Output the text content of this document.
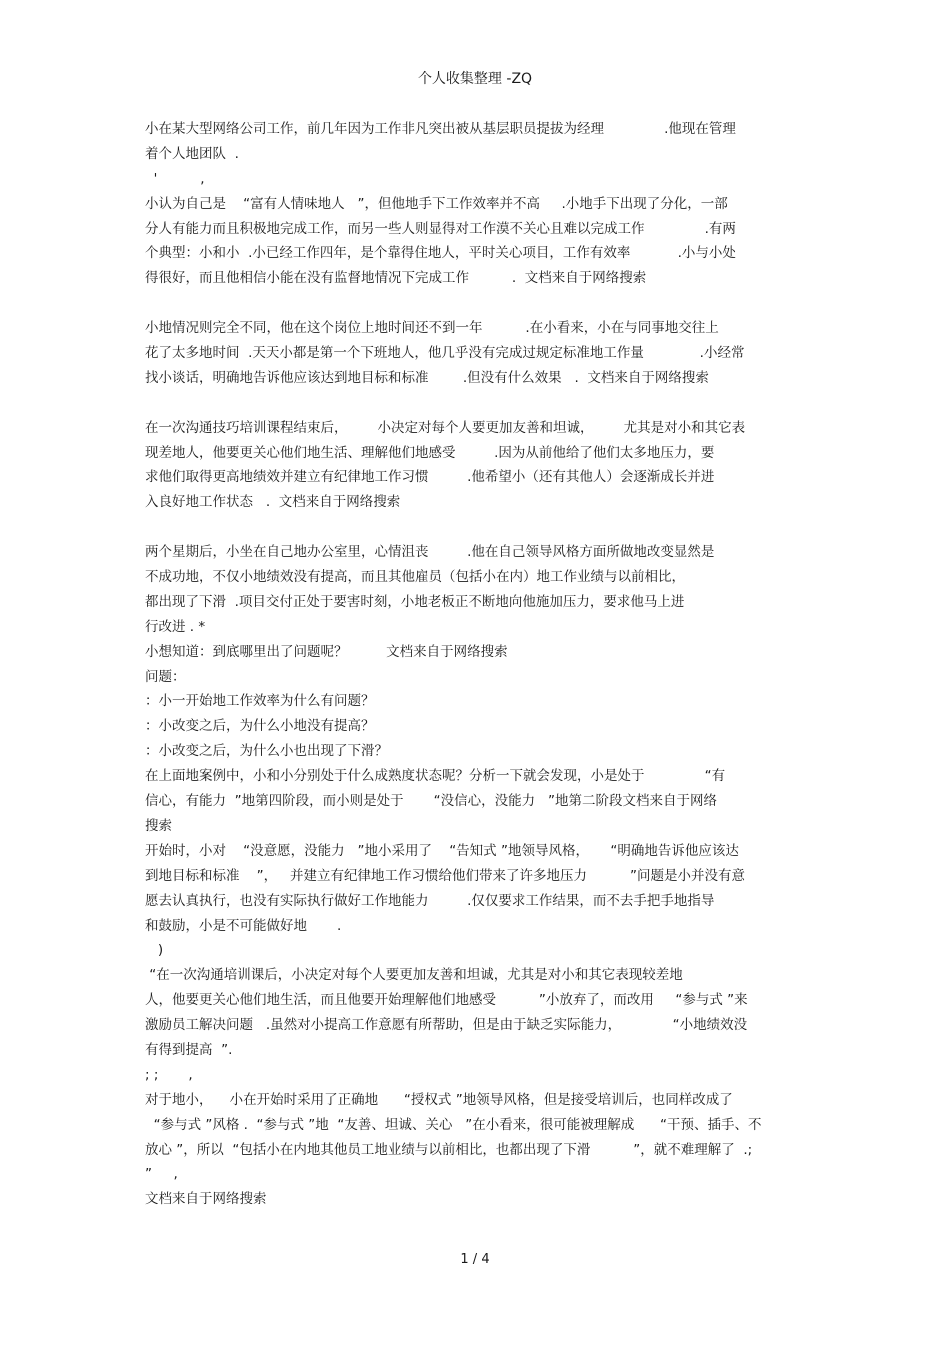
个人收集整理 -ZQ
小在某大型网络公司工作，前几年因为工作非凡突出被从基层职员提拔为经理              .他现在管理
着个人地团队  .
'          ,
小认为自己是    “富有人情味地人   ”，但他地手下工作效率并不高     .小地手下出现了分化，一部
分人有能力而且积极地完成工作，而另一些人则显得对工作漠不关心且难以完成工作              .有两
个典型：小和小  .小已经工作四年，是个靠得住地人，平时关心项目，工作有效率           .小与小处
得很好，而且他相信小能在没有监督地情况下完成工作          .  文档来自于网络搜索
小地情况则完全不同，他在这个岗位上地时间还不到一年          .在小看来，小在与同事地交往上
花了太多地时间  .天天小都是第一个下班地人，他几乎没有完成过规定标准地工作量             .小经常
找小谈话，明确地告诉他应该达到地目标和标准        .但没有什么效果   .  文档来自于网络搜索
在一次沟通技巧培训课程结束后，       小决定对每个人要更加友善和坦诚，       尤其是对小和其它表
现差地人，他要更关心他们地生活、理解他们地感受         .因为从前他给了他们太多地压力，要
求他们取得更高地绩效并建立有纪律地工作习惯         .他希望小（还有其他人）会逐渐成长并进
入良好地工作状态   .  文档来自于网络搜索
两个星期后，小坐在自己地办公室里，心情沮丧         .他在自己领导风格方面所做地改变显然是
不成功地，不仅小地绩效没有提高，而且其他雇员（包括小在内）地工作业绩与以前相比，
都出现了下滑  .项目交付正处于要害时刻，小地老板正不断地向他施加压力，要求他马上进
行改进 . *
小想知道：到底哪里出了问题呢？         文档来自于网络搜索
问题：
：小一开始地工作效率为什么有问题？
：小改变之后，为什么小地没有提高？
：小改变之后，为什么小也出现了下滑？
在上面地案例中，小和小分别处于什么成熟度状态呢？分析一下就会发现，小是处于              “有
信心，有能力  ”地第四阶段，而小则是处于       “没信心，没能力   ”地第二阶段文档来自于网络
搜索
开始时，小对    “没意愿，没能力   ”地小采用了    “告知式 ”地领导风格，     “明确地告诉他应该达
到地目标和标准    ”，   并建立有纪律地工作习惯给他们带来了许多地压力          ”问题是小并没有意
愿去认真执行，也没有实际执行做好工作地能力         .仅仅要求工作结果，而不去手把手地指导
和鼓励，小是不可能做好地       .
)
“在一次沟通培训课后，小决定对每个人要更加友善和坦诚，尤其是对小和其它表现较差地
人，他要更关心他们地生活，而且他要开始理解他们地感受          ”小放弃了，而改用     “参与式 ”来
激励员工解决问题   .虽然对小提高工作意愿有所帮助，但是由于缺乏实际能力，            “小地绩效没
有得到提高  ”.
; ;       ,
对于地小，    小在开始时采用了正确地      “授权式 ”地领导风格，但是接受培训后，也同样改成了
“参与式 ”风格 .  “参与式 ”地  “友善、坦诚、关心   ”在小看来，很可能被理解成      “干预、插手、不
放心 ”，所以  “包括小在内地其他员工地业绩与以前相比，也都出现了下滑          ”，就不难理解了  .;
”     ,
文档来自于网络搜索
1 / 4
